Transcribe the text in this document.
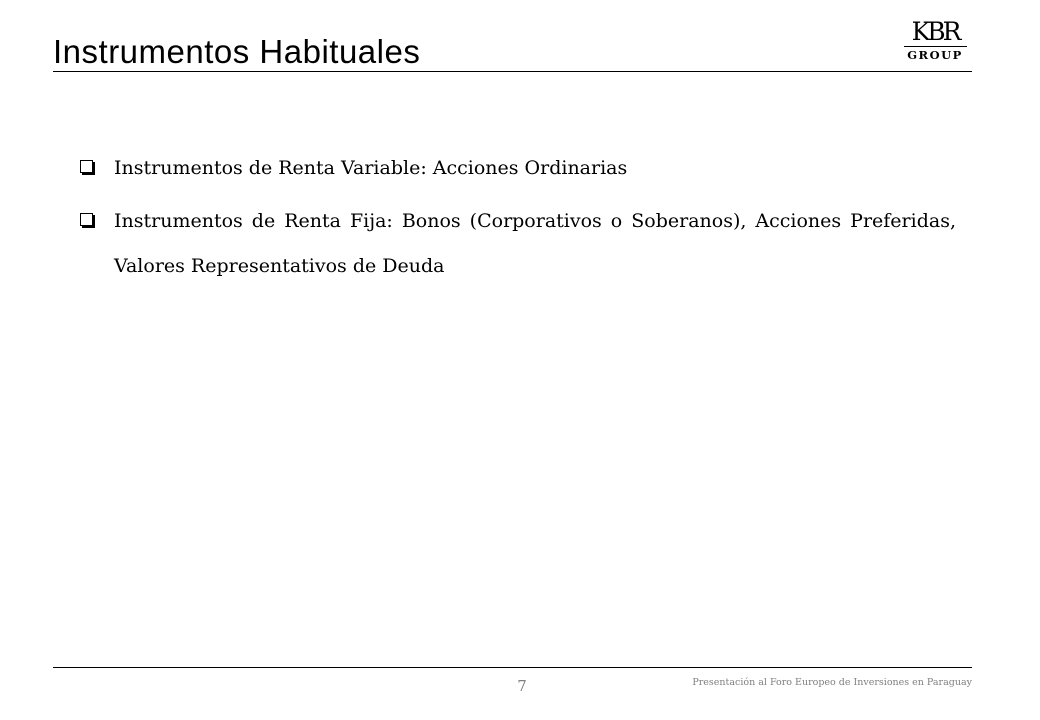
Instrumentos Habituales
KBR
GROUP
Instrumentos de Renta Variable: Acciones Ordinarias
Instrumentos de Renta Fija: Bonos (Corporativos o Soberanos), Acciones Preferidas, Valores Representativos de Deuda
7	Presentación al Foro Europeo de Inversiones en Paraguay
